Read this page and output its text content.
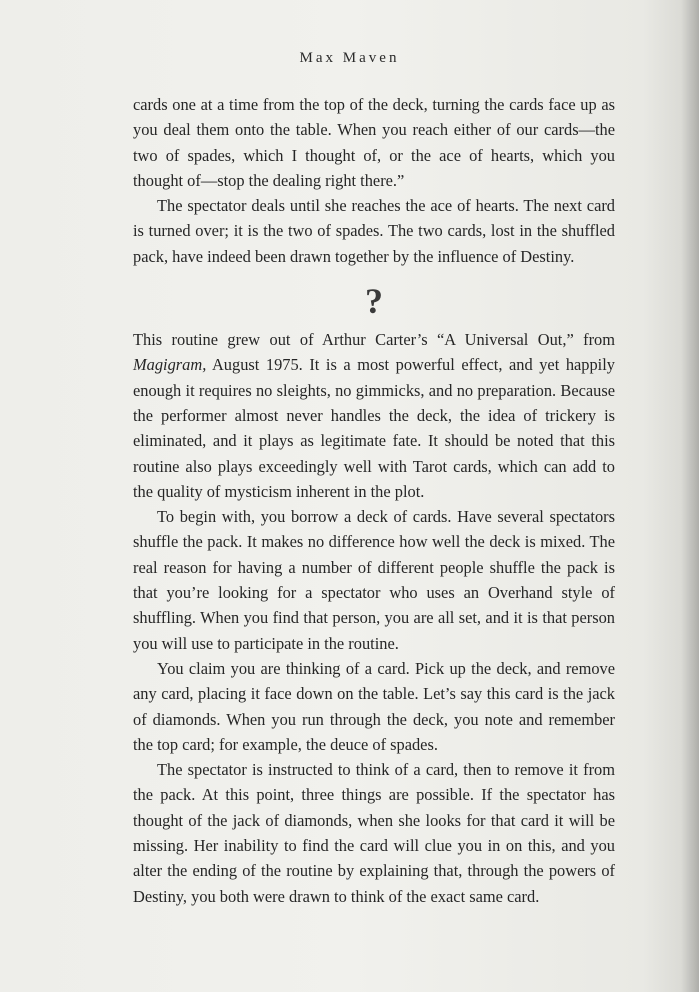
Max Maven

cards one at a time from the top of the deck, turning the cards face up as you deal them onto the table. When you reach either of our cards—the two of spades, which I thought of, or the ace of hearts, which you thought of—stop the dealing right there.”

The spectator deals until she reaches the ace of hearts. The next card is turned over; it is the two of spades. The two cards, lost in the shuffled pack, have indeed been drawn together by the influence of Destiny.

?

This routine grew out of Arthur Carter’s “A Universal Out,” from Magigram, August 1975. It is a most powerful effect, and yet happily enough it requires no sleights, no gimmicks, and no preparation. Because the performer almost never handles the deck, the idea of trickery is eliminated, and it plays as legitimate fate. It should be noted that this routine also plays exceedingly well with Tarot cards, which can add to the quality of mysticism inherent in the plot.

To begin with, you borrow a deck of cards. Have several spectators shuffle the pack. It makes no difference how well the deck is mixed. The real reason for having a number of different people shuffle the pack is that you’re looking for a spectator who uses an Overhand style of shuffling. When you find that person, you are all set, and it is that person you will use to participate in the routine.

You claim you are thinking of a card. Pick up the deck, and remove any card, placing it face down on the table. Let’s say this card is the jack of diamonds. When you run through the deck, you note and remember the top card; for example, the deuce of spades.

The spectator is instructed to think of a card, then to remove it from the pack. At this point, three things are possible. If the spectator has thought of the jack of diamonds, when she looks for that card it will be missing. Her inability to find the card will clue you in on this, and you alter the ending of the routine by explaining that, through the powers of Destiny, you both were drawn to think of the exact same card.
